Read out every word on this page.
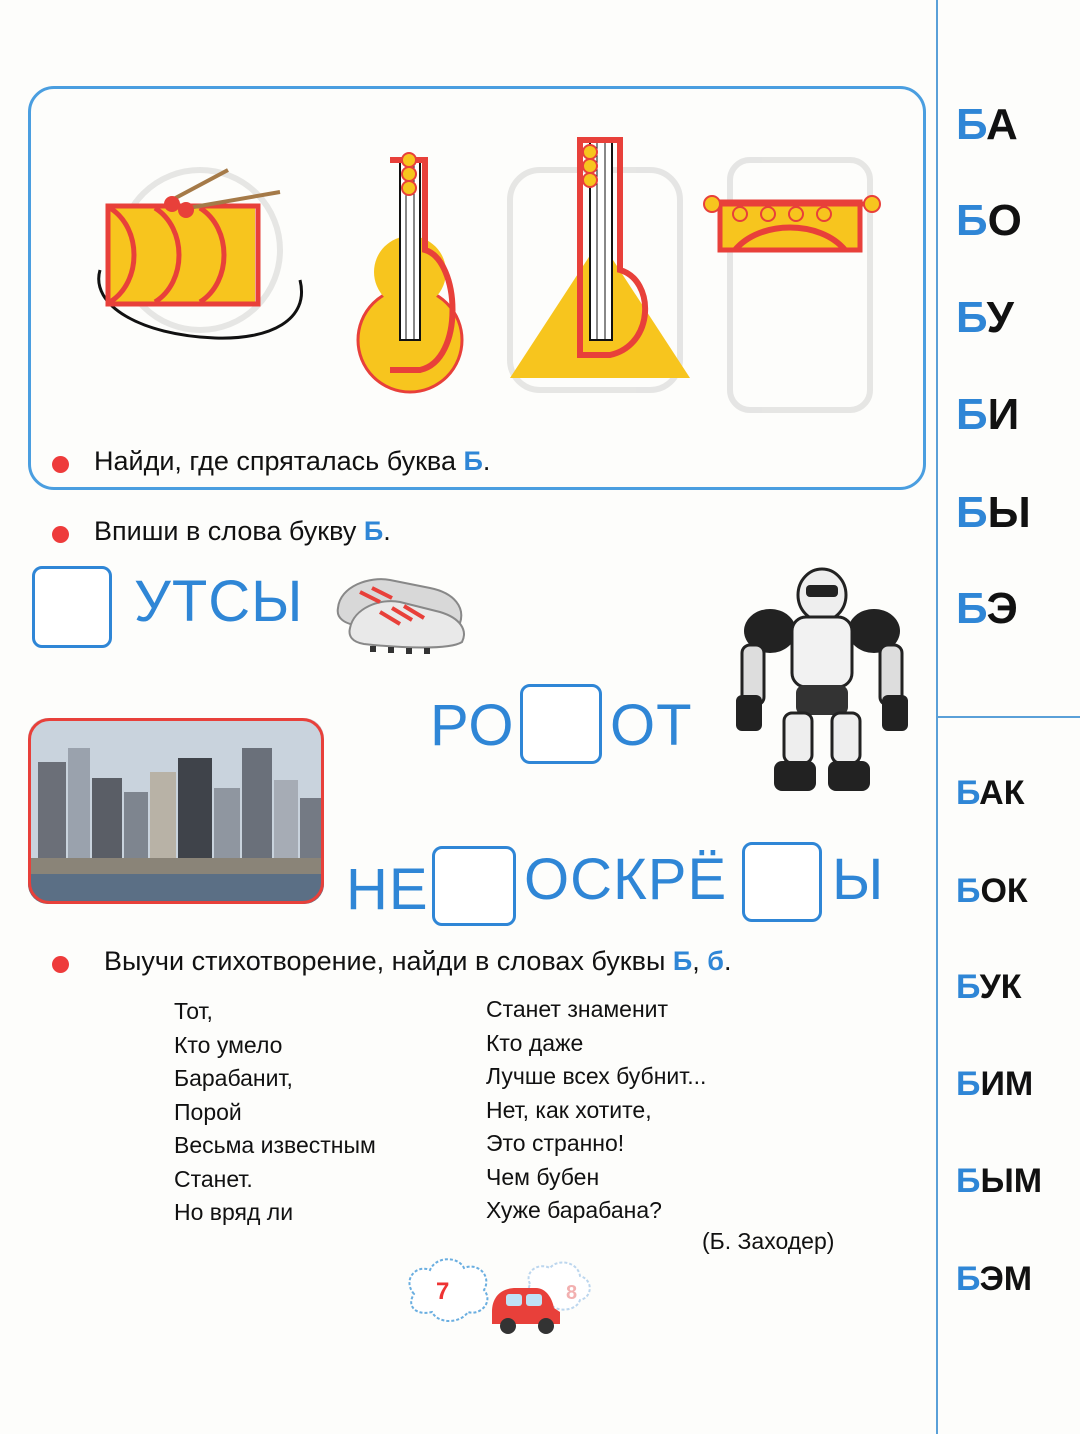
БА
БО
БУ
БИ
БЫ
БЭ
БАК
БОК
БУК
БИМ
БЫМ
БЭМ
Найди, где спряталась буква Б.
Впиши в слова букву Б.
УТСЫ
РО ОТ
НЕ ОСКРЁ Ы
Выучи стихотворение, найди в словах буквы Б, б.
Тот,
Кто умело
Барабанит,
Порой
Весьма известным
Станет.
Но вряд ли
Станет знаменит
Кто даже
Лучше всех бубнит...
Нет, как хотите,
Это странно!
Чем бубен
Хуже барабана?
(Б. Заходер)
7	8
